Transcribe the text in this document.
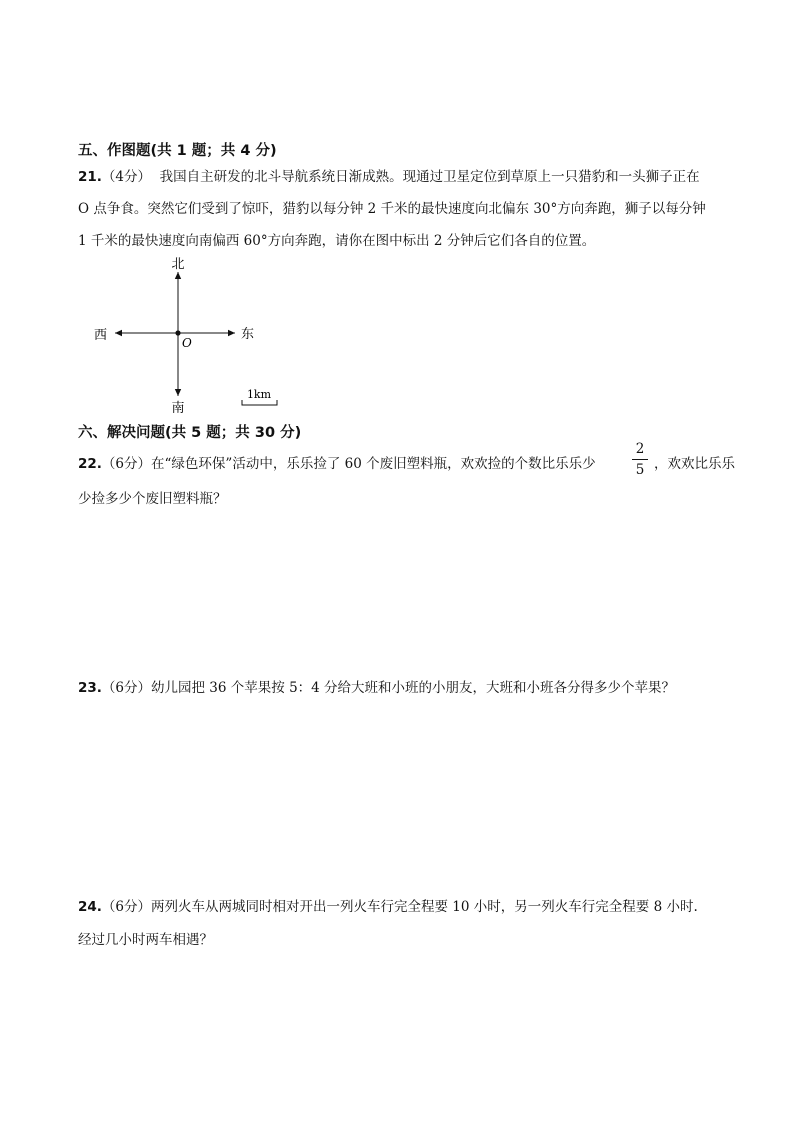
五、作图题(共 1 题；共 4 分)
21.（4分） 我国自主研发的北斗导航系统日渐成熟。现通过卫星定位到草原上一只猎豹和一头狮子正在
O 点争食。突然它们受到了惊吓，猎豹以每分钟 2 千米的最快速度向北偏东 30°方向奔跑，狮子以每分钟
1 千米的最快速度向南偏西 60°方向奔跑，请你在图中标出 2 分钟后它们各自的位置。
北
南
东
西	O
1km
六、解决问题(共 5 题；共 30 分)
22.（6分）在“绿色环保”活动中，乐乐捡了 60 个废旧塑料瓶，欢欢捡的个数比乐乐少
2
5 ，欢欢比乐乐
少捡多少个废旧塑料瓶？
23.（6分）幼儿园把 36 个苹果按 5：4 分给大班和小班的小朋友，大班和小班各分得多少个苹果？
24.（6分）两列火车从两城同时相对开出一列火车行完全程要 10 小时，另一列火车行完全程要 8 小时.
经过几小时两车相遇？
